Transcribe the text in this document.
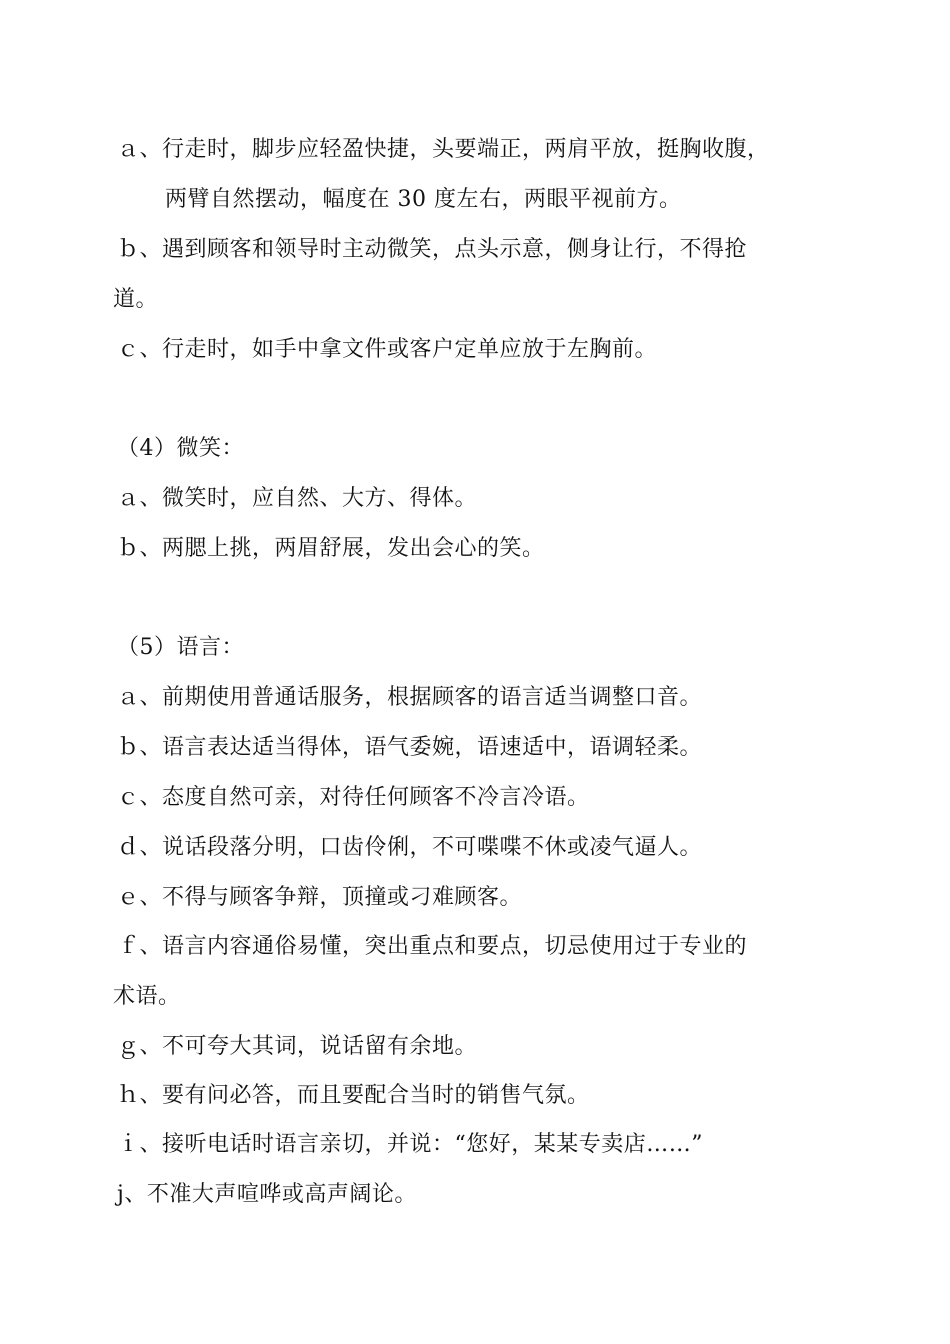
ａ、行走时，脚步应轻盈快捷，头要端正，两肩平放，挺胸收腹，
两臂自然摆动，幅度在 30 度左右，两眼平视前方。
ｂ、遇到顾客和领导时主动微笑，点头示意，侧身让行，不得抢
道。
ｃ、行走时，如手中拿文件或客户定单应放于左胸前。
（4）微笑：
ａ、微笑时，应自然、大方、得体。
ｂ、两腮上挑，两眉舒展，发出会心的笑。
（5）语言：
ａ、前期使用普通话服务，根据顾客的语言适当调整口音。
ｂ、语言表达适当得体，语气委婉，语速适中，语调轻柔。
ｃ、态度自然可亲，对待任何顾客不冷言冷语。
ｄ、说话段落分明，口齿伶俐，不可喋喋不休或凌气逼人。
ｅ、不得与顾客争辩，顶撞或刁难顾客。
ｆ、语言内容通俗易懂，突出重点和要点，切忌使用过于专业的
术语。
ｇ、不可夸大其词，说话留有余地。
ｈ、要有问必答，而且要配合当时的销售气氛。
ｉ、接听电话时语言亲切，并说：“您好，某某专卖店……”
j、不准大声喧哗或高声阔论。
